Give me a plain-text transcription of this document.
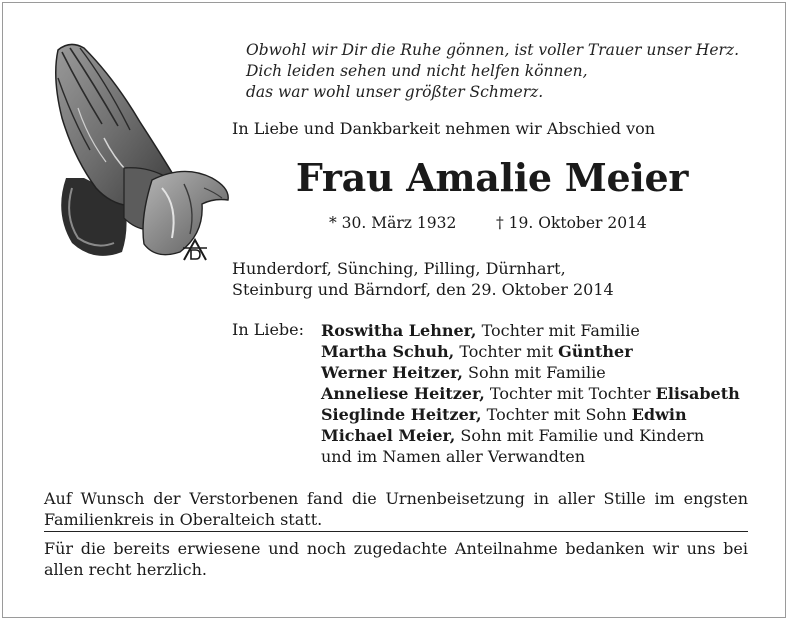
Obwohl wir Dir die Ruhe gönnen, ist voller Trauer unser Herz.
Dich leiden sehen und nicht helfen können,
das war wohl unser größter Schmerz.
In Liebe und Dankbarkeit nehmen wir Abschied von
Frau Amalie Meier
* 30. März 1932	† 19. Oktober 2014
Hunderdorf, Sünching, Pilling, Dürnhart,
Steinburg und Bärndorf, den 29. Oktober 2014
In Liebe: Roswitha Lehner, Tochter mit Familie
Martha Schuh, Tochter mit Günther
Werner Heitzer, Sohn mit Familie
Anneliese Heitzer, Tochter mit Tochter Elisabeth
Sieglinde Heitzer, Tochter mit Sohn Edwin
Michael Meier, Sohn mit Familie und Kindern
und im Namen aller Verwandten
Auf Wunsch der Verstorbenen fand die Urnenbeisetzung in aller Stille im engsten Familienkreis in Oberalteich statt.
Für die bereits erwiesene und noch zugedachte Anteilnahme bedanken wir uns bei allen recht herzlich.
